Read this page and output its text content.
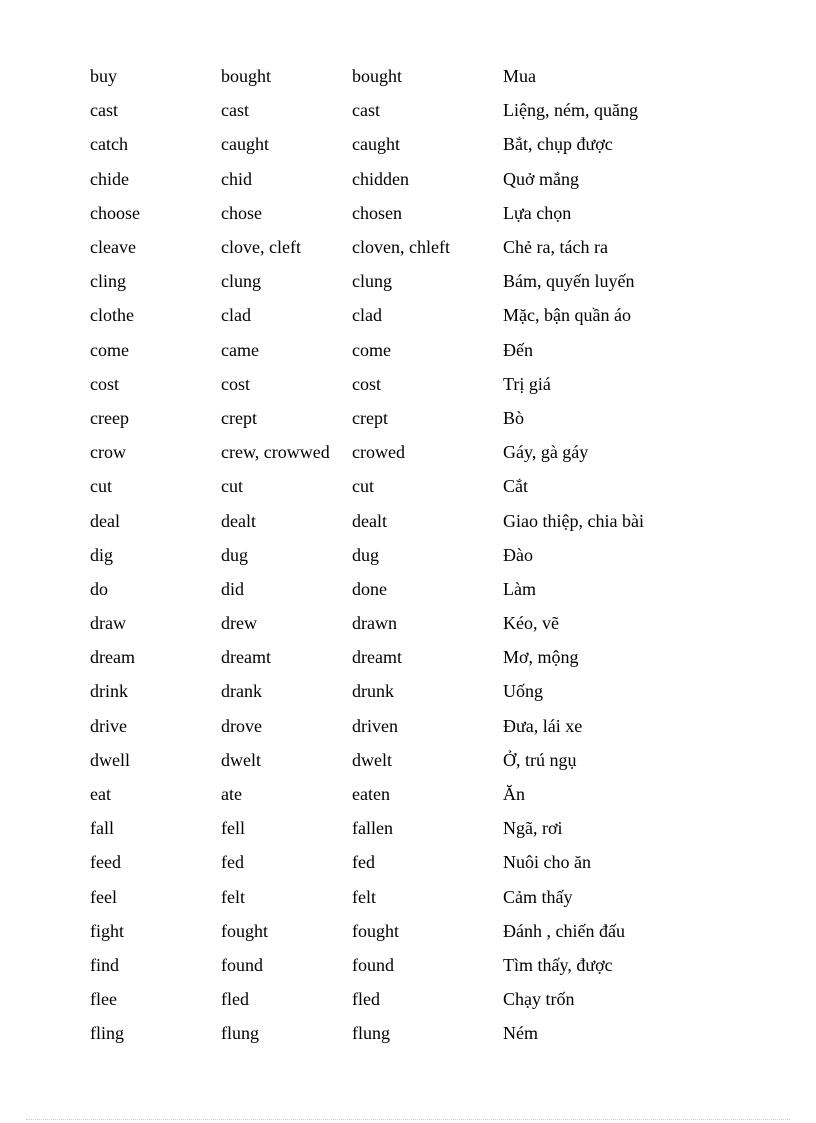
buy	bought	bought	Mua
cast	cast	cast	Liệng, ném, quăng
catch	caught	caught	Bắt, chụp được
chide	chid	chidden	Quở mắng
choose	chose	chosen	Lựa chọn
cleave	clove, cleft	cloven, chleft	Chẻ ra, tách ra
cling	clung	clung	Bám, quyến luyến
clothe	clad	clad	Mặc, bận quần áo
come	came	come	Đến
cost	cost	cost	Trị giá
creep	crept	crept	Bò
crow	crew, crowwed	crowed	Gáy, gà gáy
cut	cut	cut	Cắt
deal	dealt	dealt	Giao thiệp, chia bài
dig	dug	dug	Đào
do	did	done	Làm
draw	drew	drawn	Kéo, vẽ
dream	dreamt	dreamt	Mơ, mộng
drink	drank	drunk	Uống
drive	drove	driven	Đưa, lái xe
dwell	dwelt	dwelt	Ở, trú ngụ
eat	ate	eaten	Ăn
fall	fell	fallen	Ngã, rơi
feed	fed	fed	Nuôi cho ăn
feel	felt	felt	Cảm thấy
fight	fought	fought	Đánh , chiến đấu
find	found	found	Tìm thấy, được
flee	fled	fled	Chạy trốn
fling	flung	flung	Ném
